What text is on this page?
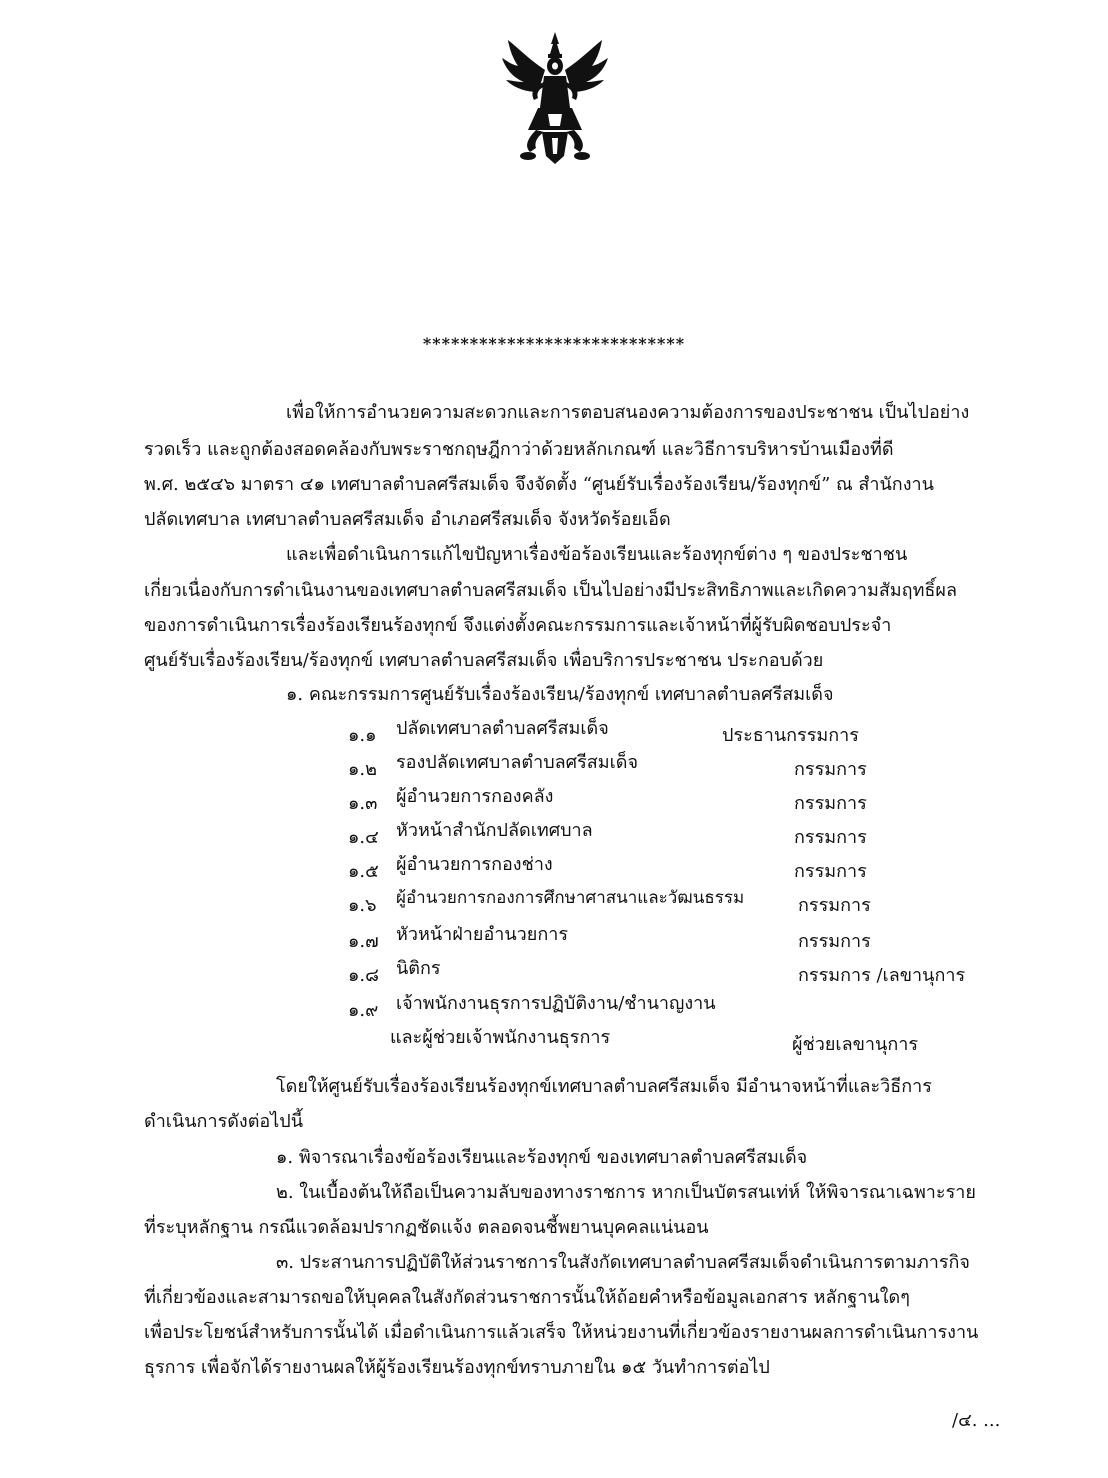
****************************
เพื่อให้การอำนวยความสะดวกและการตอบสนองความต้องการของประชาชน เป็นไปอย่าง
รวดเร็ว และถูกต้องสอดคล้องกับพระราชกฤษฎีกาว่าด้วยหลักเกณฑ์ และวิธีการบริหารบ้านเมืองที่ดี
พ.ศ. ๒๕๔๖ มาตรา ๔๑ เทศบาลตำบลศรีสมเด็จ จึงจัดตั้ง “ศูนย์รับเรื่องร้องเรียน/ร้องทุกข์” ณ สำนักงาน
ปลัดเทศบาล เทศบาลตำบลศรีสมเด็จ อำเภอศรีสมเด็จ จังหวัดร้อยเอ็ด
และเพื่อดำเนินการแก้ไขปัญหาเรื่องข้อร้องเรียนและร้องทุกข์ต่าง ๆ ของประชาชน
เกี่ยวเนื่องกับการดำเนินงานของเทศบาลตำบลศรีสมเด็จ เป็นไปอย่างมีประสิทธิภาพและเกิดความสัมฤทธิ์ผล
ของการดำเนินการเรื่องร้องเรียนร้องทุกข์ จึงแต่งตั้งคณะกรรมการและเจ้าหน้าที่ผู้รับผิดชอบประจำ
ศูนย์รับเรื่องร้องเรียน/ร้องทุกข์ เทศบาลตำบลศรีสมเด็จ เพื่อบริการประชาชน ประกอบด้วย
๑. คณะกรรมการศูนย์รับเรื่องร้องเรียน/ร้องทุกข์ เทศบาลตำบลศรีสมเด็จ
๑.๑ ปลัดเทศบาลตำบลศรีสมเด็จ	ประธานกรรมการ
๑.๒ รองปลัดเทศบาลตำบลศรีสมเด็จ	กรรมการ
๑.๓ ผู้อำนวยการกองคลัง	กรรมการ
๑.๔ หัวหน้าสำนักปลัดเทศบาล	กรรมการ
๑.๕ ผู้อำนวยการกองช่าง	กรรมการ
๑.๖ ผู้อำนวยการกองการศึกษาศาสนาและวัฒนธรรม	กรรมการ
๑.๗ หัวหน้าฝ่ายอำนวยการ	กรรมการ
๑.๘ นิติกร	กรรมการ /เลขานุการ
๑.๙ เจ้าพนักงานธุรการปฏิบัติงาน/ชำนาญงาน
และผู้ช่วยเจ้าพนักงานธุรการ	ผู้ช่วยเลขานุการ
โดยให้ศูนย์รับเรื่องร้องเรียนร้องทุกข์เทศบาลตำบลศรีสมเด็จ มีอำนาจหน้าที่และวิธีการ
ดำเนินการดังต่อไปนี้
๑. พิจารณาเรื่องข้อร้องเรียนและร้องทุกข์ ของเทศบาลตำบลศรีสมเด็จ
๒. ในเบื้องต้นให้ถือเป็นความลับของทางราชการ หากเป็นบัตรสนเท่ห์ ให้พิจารณาเฉพาะราย
ที่ระบุหลักฐาน กรณีแวดล้อมปรากฏชัดแจ้ง ตลอดจนชี้พยานบุคคลแน่นอน
๓. ประสานการปฏิบัติให้ส่วนราชการในสังกัดเทศบาลตำบลศรีสมเด็จดำเนินการตามภารกิจ
ที่เกี่ยวข้องและสามารถขอให้บุคคลในสังกัดส่วนราชการนั้นให้ถ้อยคำหรือข้อมูลเอกสาร หลักฐานใดๆ
เพื่อประโยชน์สำหรับการนั้นได้ เมื่อดำเนินการแล้วเสร็จ ให้หน่วยงานที่เกี่ยวข้องรายงานผลการดำเนินการงาน
ธุรการ เพื่อจักได้รายงานผลให้ผู้ร้องเรียนร้องทุกข์ทราบภายใน ๑๕ วันทำการต่อไป
/๔. ...
